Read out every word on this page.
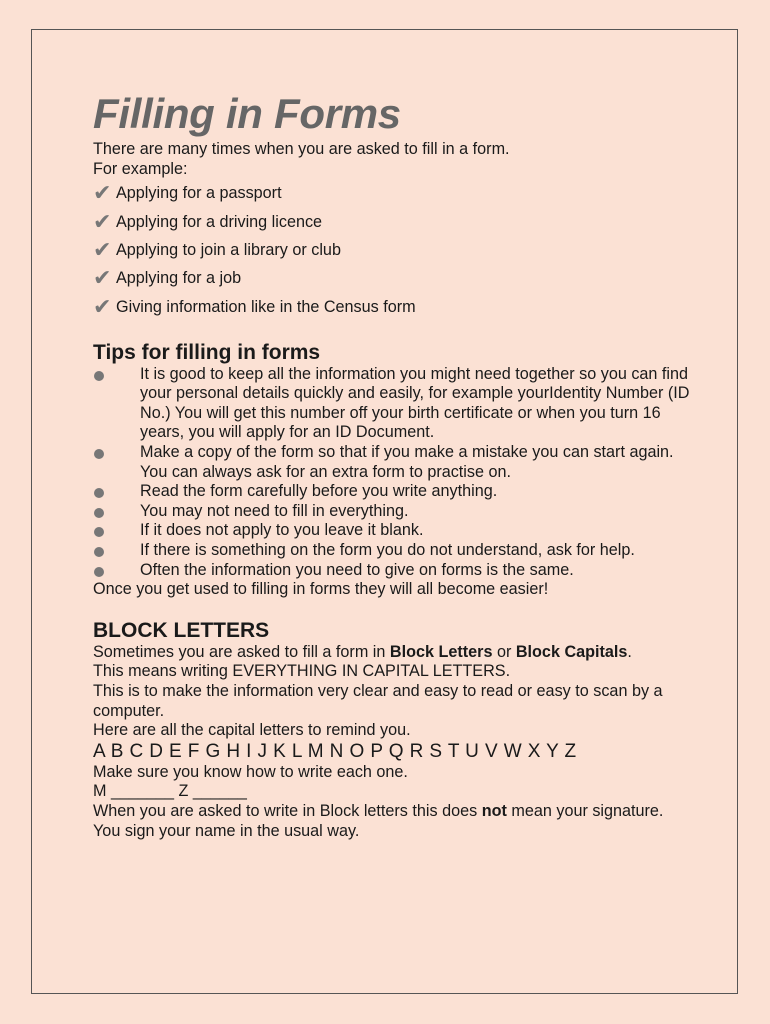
Filling in Forms

There are many times when you are asked to fill in a form.

For example:

✔ Applying for a passport
✔ Applying for a driving licence
✔ Applying to join a library or club
✔ Applying for a job
✔ Giving information like in the Census form
Tips for filling in forms
It is good to keep all the information you might need together so you can find your personal details quickly and easily, for example yourIdentity Number (ID No.) You will get this number off your birth certificate or when you turn 16 years, you will apply for an ID Document.
Make a copy of the form so that if you make a mistake you can start again. You can always ask for an extra form to practise on.
Read the form carefully before you write anything.
You may not need to fill in everything.
If it does not apply to you leave it blank.
If there is something on the form you do not understand, ask for help.
Often the information you need to give on forms is the same.

Once you get used to filling in forms they will all become easier!

BLOCK LETTERS

Sometimes you are asked to fill a form in Block Letters or Block Capitals.

This means writing EVERYTHING IN CAPITAL LETTERS.

This is to make the information very clear and easy to read or easy to scan by a computer.

Here are all the capital letters to remind you.

A B C D E F G H I J K L M N O P Q R S T U V W X Y Z

Make sure you know how to write each one.

M _______ Z ______

When you are asked to write in Block letters this does not mean your signature. You sign your name in the usual way.
